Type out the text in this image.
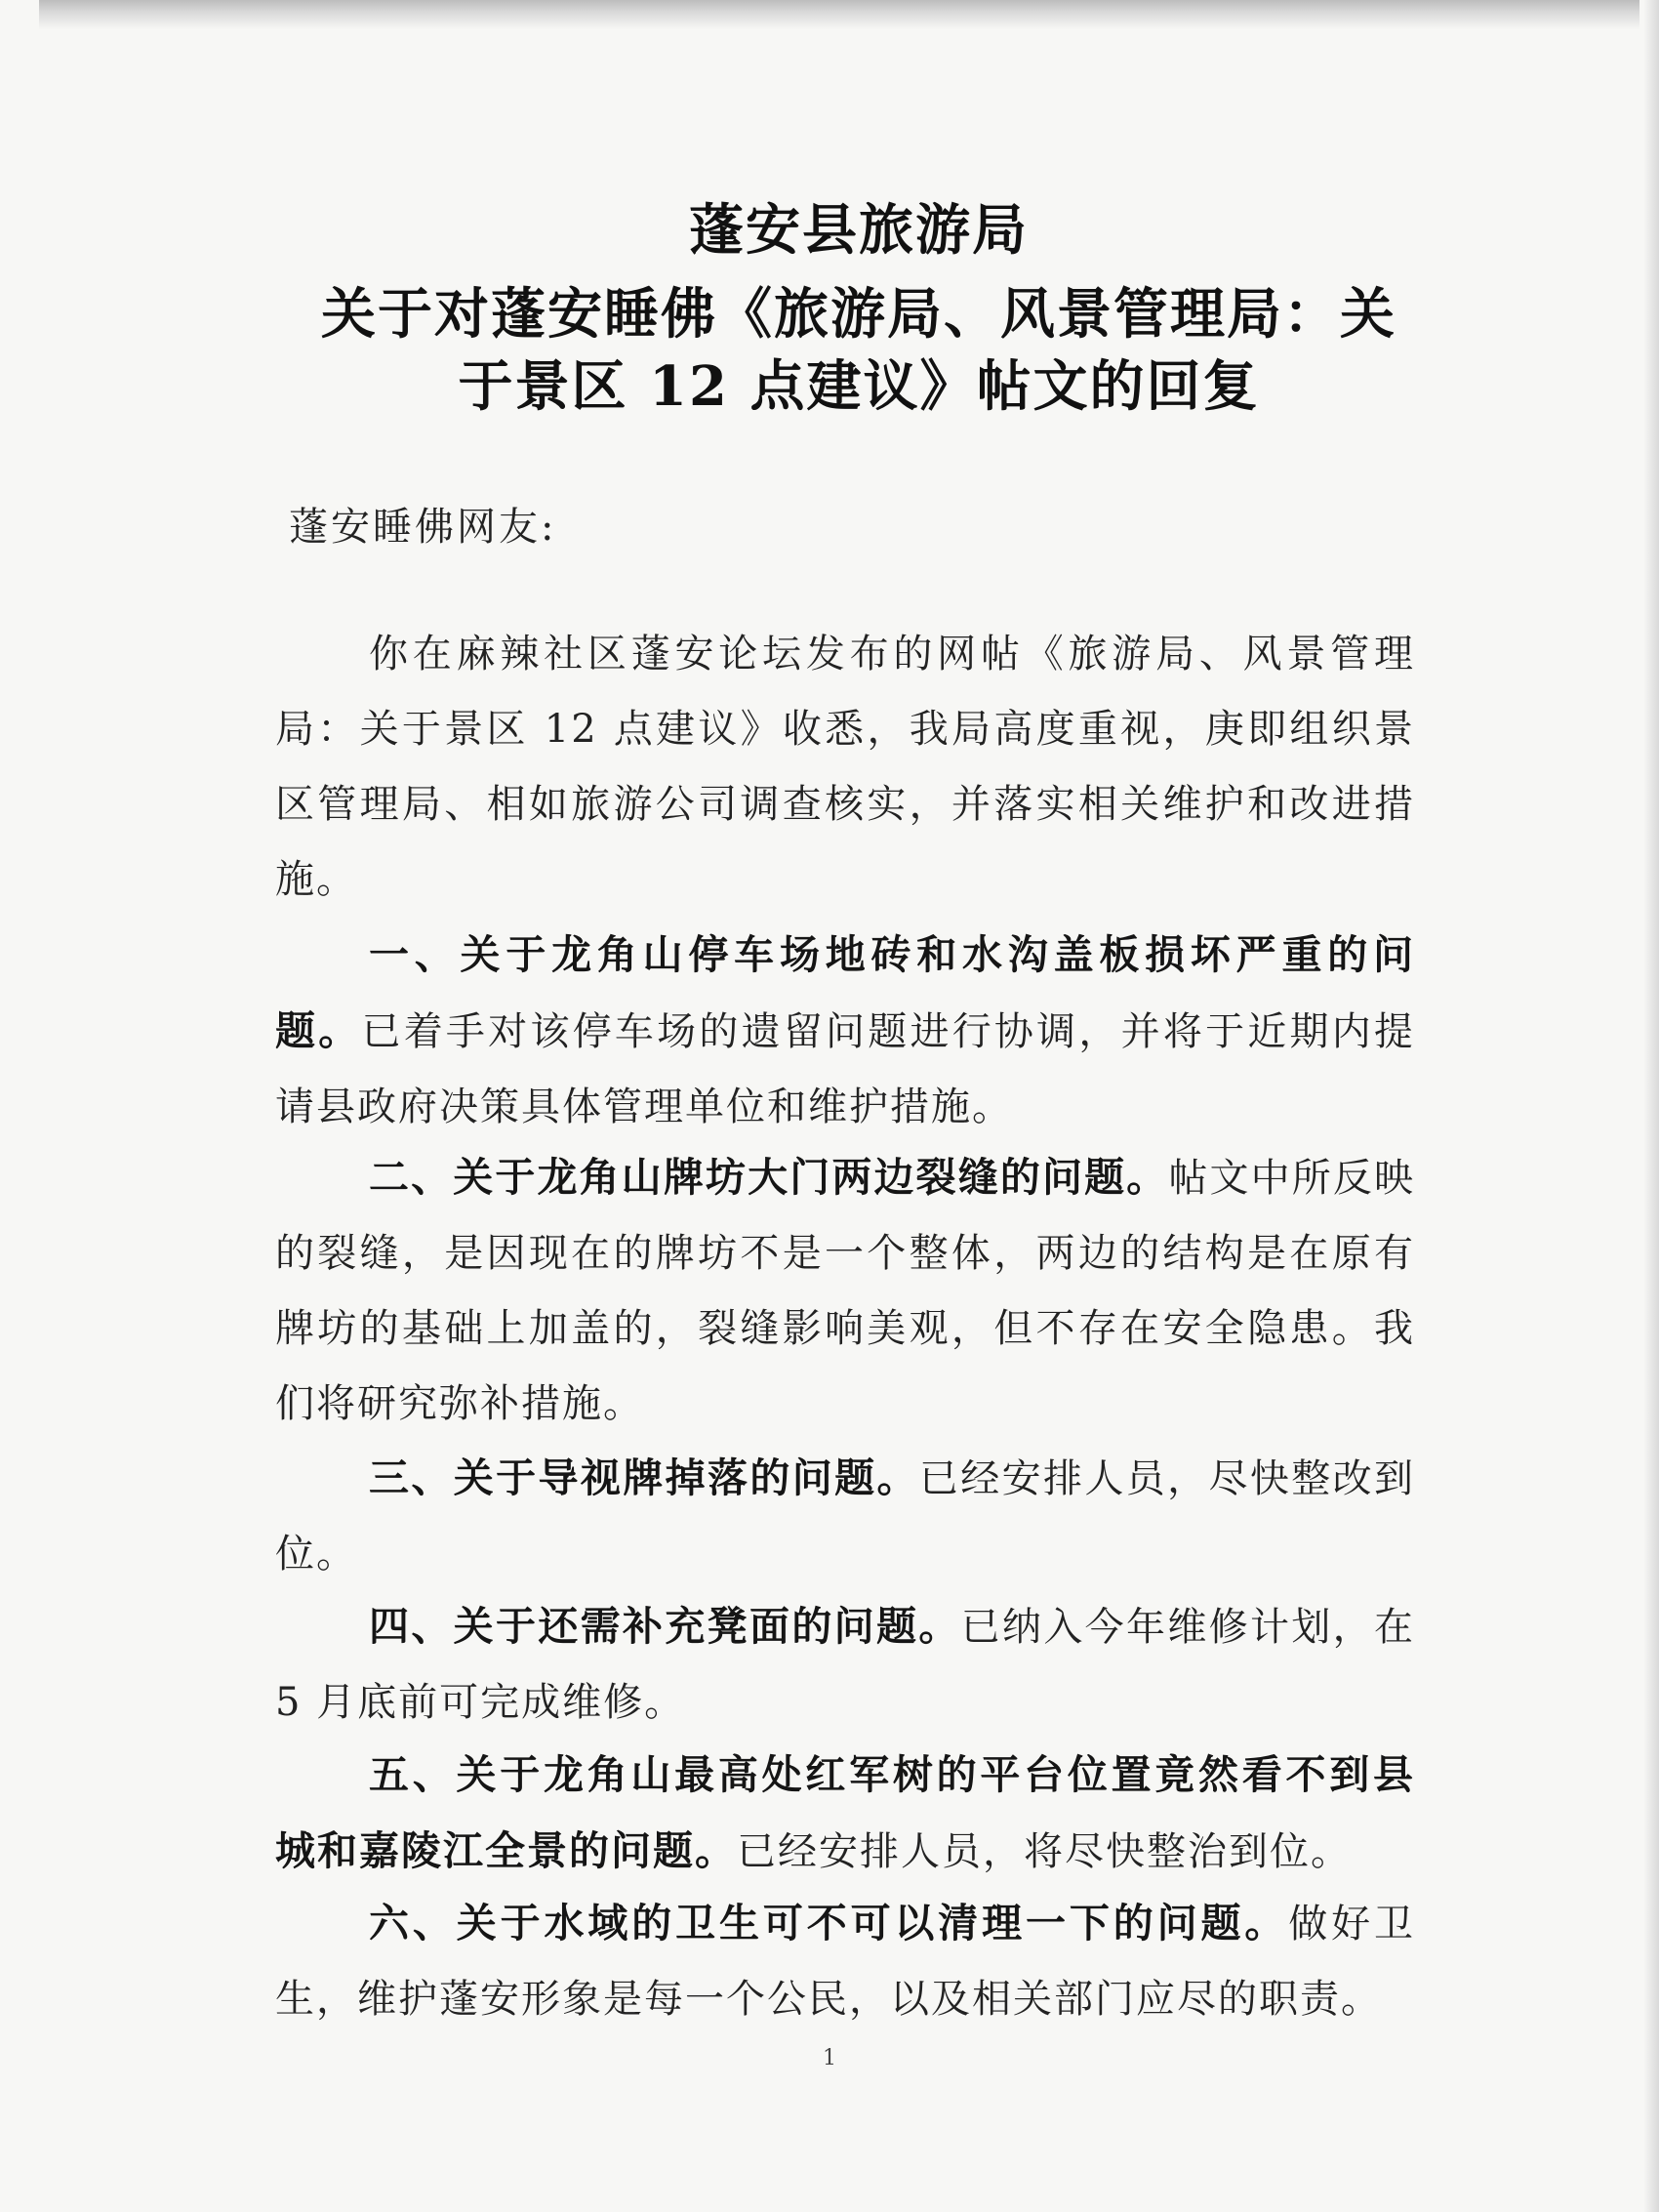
蓬安县旅游局
关于对蓬安睡佛《旅游局、风景管理局：关
于景区 12 点建议》帖文的回复
蓬安睡佛网友:

你在麻辣社区蓬安论坛发布的网帖《旅游局、风景管理局：关于景区 12 点建议》收悉，我局高度重视，庚即组织景区管理局、相如旅游公司调查核实，并落实相关维护和改进措施。

一、关于龙角山停车场地砖和水沟盖板损坏严重的问题。已着手对该停车场的遗留问题进行协调，并将于近期内提请县政府决策具体管理单位和维护措施。

二、关于龙角山牌坊大门两边裂缝的问题。帖文中所反映的裂缝，是因现在的牌坊不是一个整体，两边的结构是在原有牌坊的基础上加盖的，裂缝影响美观，但不存在安全隐患。我们将研究弥补措施。

三、关于导视牌掉落的问题。已经安排人员，尽快整改到位。

四、关于还需补充凳面的问题。已纳入今年维修计划，在 5 月底前可完成维修。

五、关于龙角山最高处红军树的平台位置竟然看不到县城和嘉陵江全景的问题。已经安排人员，将尽快整治到位。

六、关于水域的卫生可不可以清理一下的问题。做好卫生，维护蓬安形象是每一个公民，以及相关部门应尽的职责。

1
